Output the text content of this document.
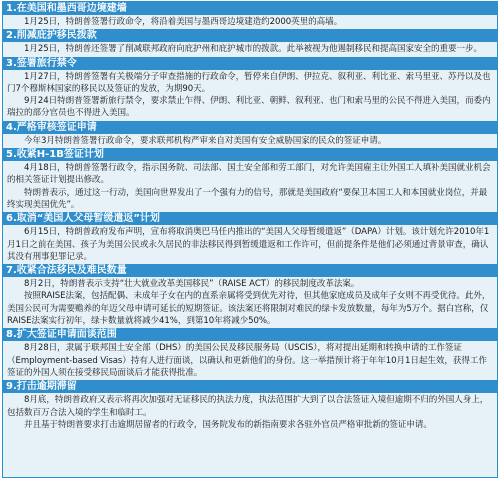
1.在美国和墨西哥边境建墙

1月25日，特朗普签署行政命令，将沿着美国与墨西哥边境建造约2000英里的高墙。

2.削减庇护移民拨款

1月25日，特朗普还签署了削减联邦政府向庇护州和庇护城市的拨款。此举被视为他遏制移民和提高国家安全的重要一步。

3.签署旅行禁令

1月27日，特朗普签署有关极端分子审查措施的行政命令，暂停来自伊朗、伊拉克、叙利亚、利比亚、索马里亚、苏丹以及也门7个穆斯林国家的移民以及签证的发放，为期90天。

9月24日特朗普签署新旅行禁令，要求禁止乍得、伊朗、利比亚、朝鲜、叙利亚、也门和索马里的公民不得进入美国，而委内瑞拉的部分官员也不得进入美国。

4.严格审核签证申请

今年3月特朗普签署行政命令，要求联邦机构严审来自对美国有安全威胁国家的民众的签证申请。

5.收紧H-1B签证计划

4月18日，特朗普签署行政令，指示国务院、司法部、国土安全部和劳工部门，对允许美国雇主让外国工人填补美国就业机会的相关签证计划提出修改。

特朗普表示，通过这一行动，美国向世界发出了一个强有力的信号，那就是美国政府“要保卫本国工人和本国就业岗位，并最终实现美国优先”。

6.取消“美国人父母暂缓遣返”计划

6月15日，特朗普政府发布声明，宣布将取消奥巴马任内推出的“美国人父母暂缓遣返”（DAPA）计划。该计划允许2010年1月1日之前在美国、孩子为美国公民或永久居民的非法移民得到暂缓遣返和工作许可，但前提条件是他们必须通过背景审查，确认其没有刑事犯罪记录。

7.收紧合法移民及难民数量

8月2日，特朗普表示支持“壮大就业改革美国移民”（RAISE ACT）的移民制度改革法案。

按照RAISE法案，包括配偶、未成年子女在内的直系亲属将受到优先对待，但其他家庭成员及成年子女则不再受优待。此外，美国公民可为需要赡养的年迈父母申请可延长的短期签证。该法案还将限制对难民的绿卡发放数量，每年为5万个。据白宫称，仅RAISE法案实行初年，绿卡数量就将减少41%，到第10年将减少50%。

8.扩大签证申请面谈范围

8月28日，隶属于联邦国土安全部（DHS）的美国公民及移民服务局（USCIS），将对提出延期和转换申请的工作签证（Employment-based Visas）持有人进行面谈，以确认和更新他们的身份。这一举措预计将于年年10月1日起生效，获得工作签证的外国人须在接受移民局面谈后才能获得批准。

9.打击逾期滞留

8月底，特朗普政府又表示将再次加强对无证移民的执法力度，执法范围扩大到了以合法签证入境但逾期不归的外国人身上，包括数百万合法入境的学生和临时工。

并且基于特朗普要求打击逾期居留者的行政令，国务院发布的新指南要求各驻外官员严格审批新的签证申请。
